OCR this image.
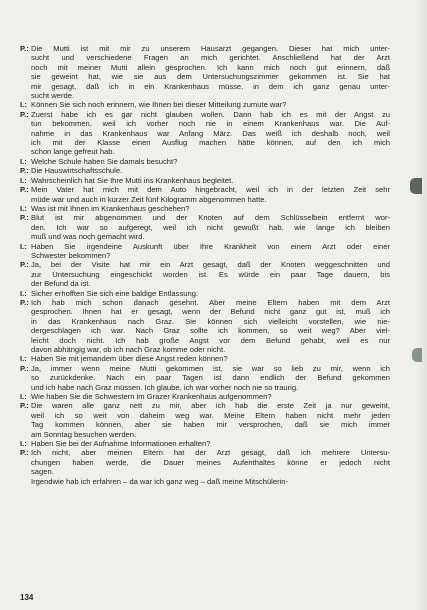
P.: Die Mutti ist mit mir zu unserem Hausarzt gegangen. Dieser hat mich unter-
sucht und verschiedene Fragen an mich gerichtet. Anschließend hat der Arzt
noch mit meiner Mutti allein gesprochen. Ich kann mich noch gut erinnern, daß
sie geweint hat, wie sie aus dem Untersuchungszimmer gekommen ist. Sie hat
mir gesagt, daß ich in ein Krankenhaus müsse, in dem ich ganz genau unter-
sucht werde.
I.: Können Sie sich noch erinnern, wie Ihnen bei dieser Mitteilung zumute war?
P.: Zuerst habe ich es gar nicht glauben wollen. Dann hab ich es mit der Angst zu
tun bekommen, weil ich vorher noch nie in einem Krankenhaus war. Die Auf-
nahme in das Krankenhaus war Anfang März. Das weiß ich deshalb noch, weil
ich mit der Klasse einen Ausflug machen hätte können, auf den ich mich
schon lange gefreut hab.
I.: Welche Schule haben Sie damals besucht?
P.: Die Hauswirtschaftsschule.
I.: Wahrscheinlich hat Sie Ihre Mutti ins Krankenhaus begleitet.
P.: Mein Vater hat mich mit dem Auto hingebracht, weil ich in der letzten Zeit sehr
müde war und auch in kurzer Zeit fünf Kilogramm abgenommen hatte.
I.: Was ist mit Ihnen im Krankenhaus geschehen?
P.: Blut ist mir abgenommen und der Knoten auf dem Schlüsselbein entfernt wor-
den. Ich war so aufgeregt, weil ich nicht gewußt hab, wie lange ich bleiben
muß und was noch gemacht wird.
I.: Haben Sie irgendeine Auskunft über Ihre Krankheit von einem Arzt oder einer
Schwester bekommen?
P.: Ja, bei der Visite hat mir ein Arzt gesagt, daß der Knoten weggeschnitten und
zur Untersuchung eingeschickt worden ist. Es würde ein paar Tage dauern, bis
der Befund da ist.
I.: Sicher erhofften Sie sich eine baldige Entlassung.
P.: Ich hab mich schon danach gesehnt. Aber meine Eltern haben mit dem Arzt
gesprochen. Ihnen hat er gesagt, wenn der Befund nicht ganz gut ist, muß ich
in das Krankenhaus nach Graz. Sie können sich vielleicht vorstellen, wie nie-
dergeschlagen ich war. Nach Graz sollte ich kommen, so weit weg? Aber viel-
leicht doch nicht. Ich hab große Angst vor dem Befund gehabt, weil es nur
davon abhängig war, ob ich nach Graz komme oder nicht.
I.: Haben Sie mit jemandem über diese Angst reden können?
P.: Ja, immer wenn meine Mutti gekommen ist, sie war so lieb zu mir, wenn ich
so zurückdenke. Nach ein paar Tagen ist dann endlich der Befund gekommen
und ich habe nach Graz müssen. Ich glaube, ich war vorher noch nie so traurig.
I.: Wie haben Sie die Schwestern im Grazer Krankenhaus aufgenommen?
P.: Die waren alle ganz nett zu mir, aber ich hab die erste Zeit ja nur geweint,
weil ich so weit von daheim weg war. Meine Eltern haben nicht mehr jeden
Tag kommen können, aber sie haben mir versprochen, daß sie mich immer
am Sonntag besuchen werden.
I.: Haben Sie bei der Aufnahme Informationen erhalten?
P.: Ich nicht, aber meinen Eltern hat der Arzt gesagt, daß ich mehrere Untersu-
chungen haben werde, die Dauer meines Aufenthaltes könne er jedoch nicht
sagen.
Irgendwie hab ich erfahren – da war ich ganz weg – daß meine Mitschülerin-
134
